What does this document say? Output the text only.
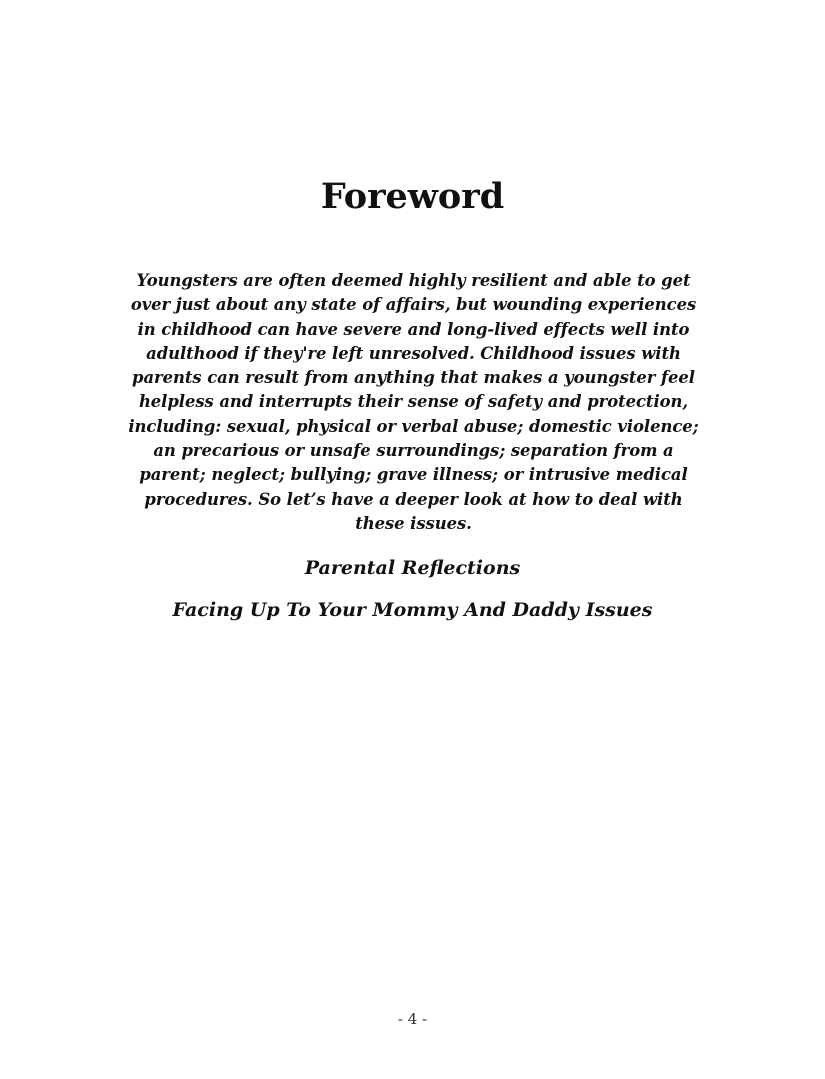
Foreword

Youngsters are often deemed highly resilient and able to get over just about any state of affairs, but wounding experiences in childhood can have severe and long-lived effects well into adulthood if they're left unresolved. Childhood issues with parents can result from anything that makes a youngster feel helpless and interrupts their sense of safety and protection, including: sexual, physical or verbal abuse; domestic violence; an precarious or unsafe surroundings; separation from a parent; neglect; bullying; grave illness; or intrusive medical procedures. So let’s have a deeper look at how to deal with these issues.

Parental Reflections

Facing Up To Your Mommy And Daddy Issues

- 4 -
